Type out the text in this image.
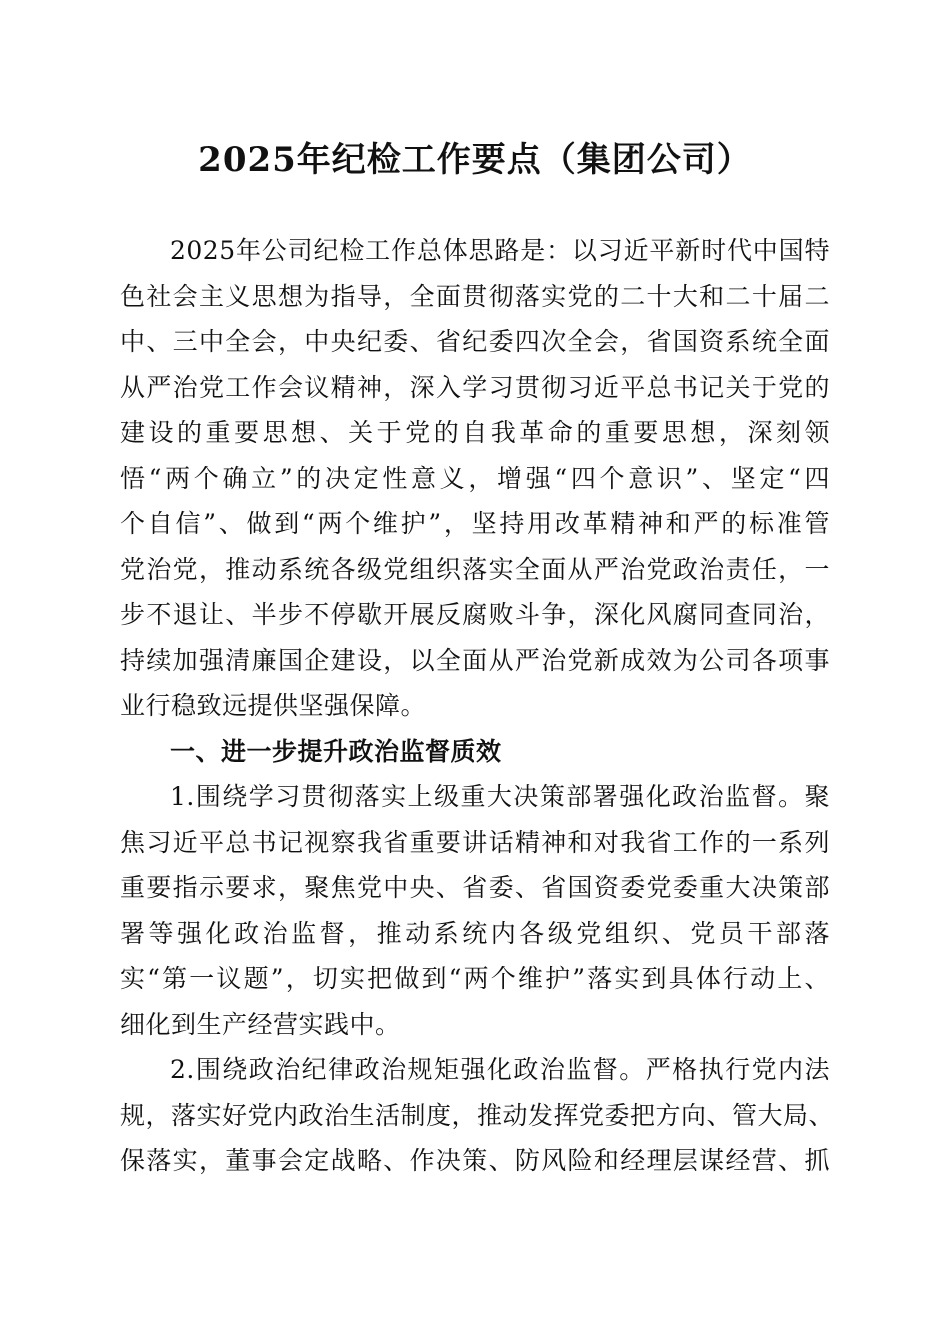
2025年纪检工作要点（集团公司）
2025年公司纪检工作总体思路是：以习近平新时代中国特
色社会主义思想为指导，全面贯彻落实党的二十大和二十届二
中、三中全会，中央纪委、省纪委四次全会，省国资系统全面
从严治党工作会议精神，深入学习贯彻习近平总书记关于党的
建设的重要思想、关于党的自我革命的重要思想，深刻领
悟“两个确立”的决定性意义，增强“四个意识”、坚定“四
个自信”、做到“两个维护”，坚持用改革精神和严的标准管
党治党，推动系统各级党组织落实全面从严治党政治责任，一
步不退让、半步不停歇开展反腐败斗争，深化风腐同查同治，
持续加强清廉国企建设，以全面从严治党新成效为公司各项事
业行稳致远提供坚强保障。
一、进一步提升政治监督质效
1.围绕学习贯彻落实上级重大决策部署强化政治监督。聚
焦习近平总书记视察我省重要讲话精神和对我省工作的一系列
重要指示要求，聚焦党中央、省委、省国资委党委重大决策部
署等强化政治监督，推动系统内各级党组织、党员干部落
实“第一议题”，切实把做到“两个维护”落实到具体行动上、
细化到生产经营实践中。
2.围绕政治纪律政治规矩强化政治监督。严格执行党内法
规，落实好党内政治生活制度，推动发挥党委把方向、管大局、
保落实，董事会定战略、作决策、防风险和经理层谋经营、抓
